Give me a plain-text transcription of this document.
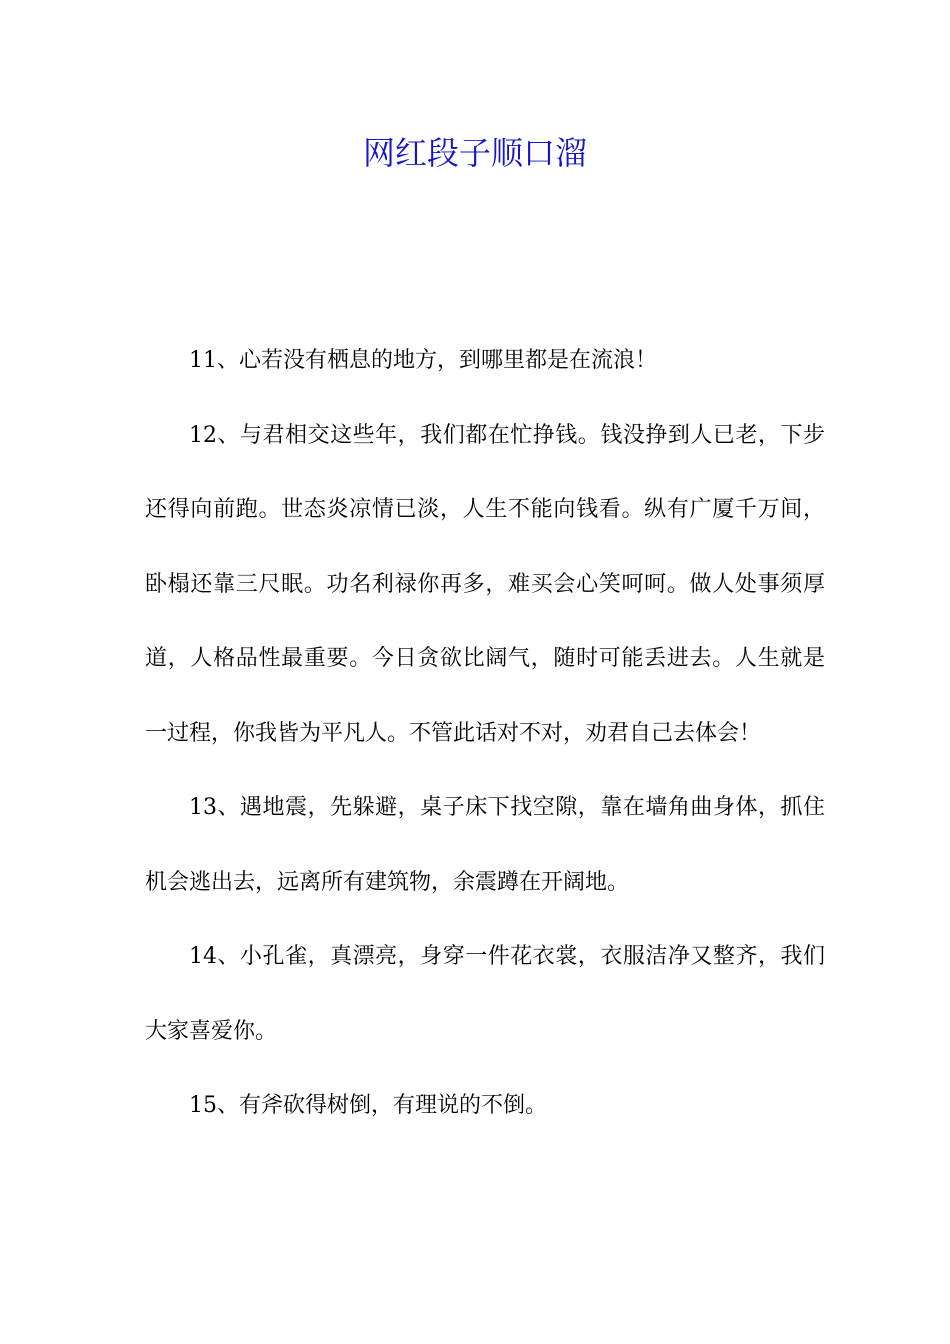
网红段子顺口溜

11、心若没有栖息的地方，到哪里都是在流浪！

12、与君相交这些年，我们都在忙挣钱。钱没挣到人已老，下步还得向前跑。世态炎凉情已淡，人生不能向钱看。纵有广厦千万间，卧榻还靠三尺眠。功名利禄你再多，难买会心笑呵呵。做人处事须厚道，人格品性最重要。今日贪欲比阔气，随时可能丢进去。人生就是一过程，你我皆为平凡人。不管此话对不对，劝君自己去体会！

13、遇地震，先躲避，桌子床下找空隙，靠在墙角曲身体，抓住机会逃出去，远离所有建筑物，余震蹲在开阔地。

14、小孔雀，真漂亮，身穿一件花衣裳，衣服洁净又整齐，我们大家喜爱你。

15、有斧砍得树倒，有理说的不倒。
